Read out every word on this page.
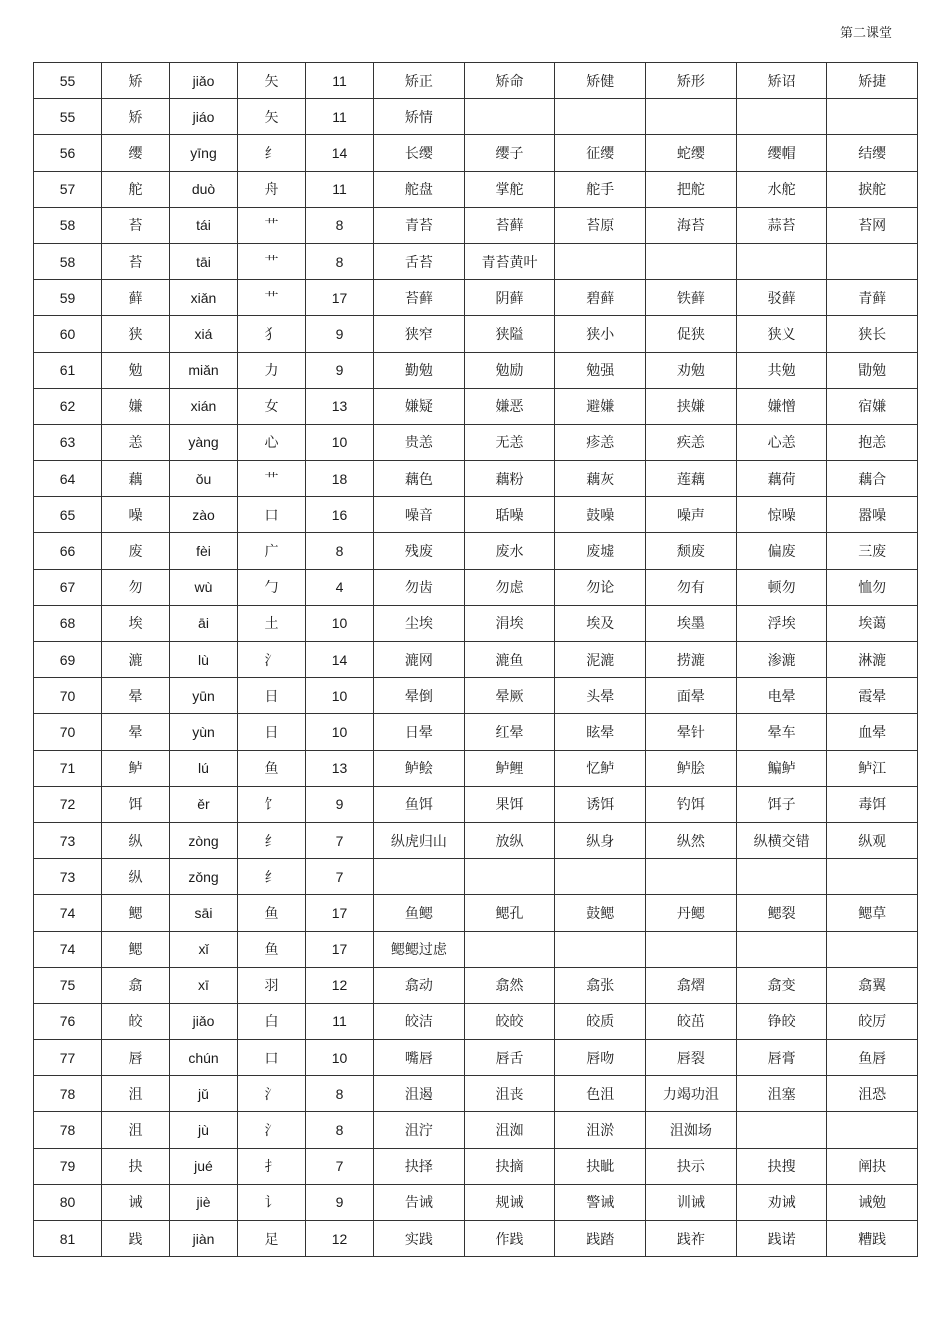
第二课堂
55	矫	jiǎo	矢	11	矫正	矫命	矫健	矫形	矫诏	矫捷
55	矫	jiáo	矢	11	矫情					
56	缨	yīng	纟	14	长缨	缨子	征缨	蛇缨	缨帽	结缨
57	舵	duò	舟	11	舵盘	掌舵	舵手	把舵	水舵	捩舵
58	苔	tái	艹	8	青苔	苔藓	苔原	海苔	蒜苔	苔网
58	苔	tāi	艹	8	舌苔	青苔黄叶				
59	藓	xiǎn	艹	17	苔藓	阴藓	碧藓	铁藓	驳藓	青藓
60	狭	xiá	犭	9	狭窄	狭隘	狭小	促狭	狭义	狭长
61	勉	miǎn	力	9	勤勉	勉励	勉强	劝勉	共勉	勖勉
62	嫌	xián	女	13	嫌疑	嫌恶	避嫌	挟嫌	嫌憎	宿嫌
63	恙	yàng	心	10	贵恙	无恙	疹恙	疾恙	心恙	抱恙
64	藕	ǒu	艹	18	藕色	藕粉	藕灰	莲藕	藕荷	藕合
65	噪	zào	口	16	噪音	聒噪	鼓噪	噪声	惊噪	嚣噪
66	废	fèi	广	8	残废	废水	废墟	颓废	偏废	三废
67	勿	wù	勹	4	勿齿	勿虑	勿论	勿有	顿勿	恤勿
68	埃	āi	土	10	尘埃	涓埃	埃及	埃墨	浮埃	埃蔼
69	漉	lù	氵	14	漉网	漉鱼	泥漉	捞漉	渗漉	淋漉
70	晕	yūn	日	10	晕倒	晕厥	头晕	面晕	电晕	霞晕
70	晕	yùn	日	10	日晕	红晕	眩晕	晕针	晕车	血晕
71	鲈	lú	鱼	13	鲈鲙	鲈鲤	忆鲈	鲈脍	鳊鲈	鲈江
72	饵	ěr	饣	9	鱼饵	果饵	诱饵	钓饵	饵子	毒饵
73	纵	zòng	纟	7	纵虎归山	放纵	纵身	纵然	纵横交错	纵观
73	纵	zǒng	纟	7						
74	鳃	sāi	鱼	17	鱼鳃	鳃孔	鼓鳃	丹鳃	鳃裂	鳃草
74	鳃	xǐ	鱼	17	鳃鳃过虑					
75	翕	xī	羽	12	翕动	翕然	翕张	翕熠	翕变	翕翼
76	皎	jiǎo	白	11	皎洁	皎皎	皎质	皎茁	铮皎	皎厉
77	唇	chún	口	10	嘴唇	唇舌	唇吻	唇裂	唇膏	鱼唇
78	沮	jǔ	氵	8	沮遏	沮丧	色沮	力竭功沮	沮塞	沮恐
78	沮	jù	氵	8	沮泞	沮洳	沮淤	沮洳场		
79	抉	jué	扌	7	抉择	抉摘	抉眦	抉示	抉搜	阐抉
80	诫	jiè	讠	9	告诫	规诫	警诫	训诫	劝诫	诫勉
81	践	jiàn	足	12	实践	作践	践踏	践祚	践诺	糟践
